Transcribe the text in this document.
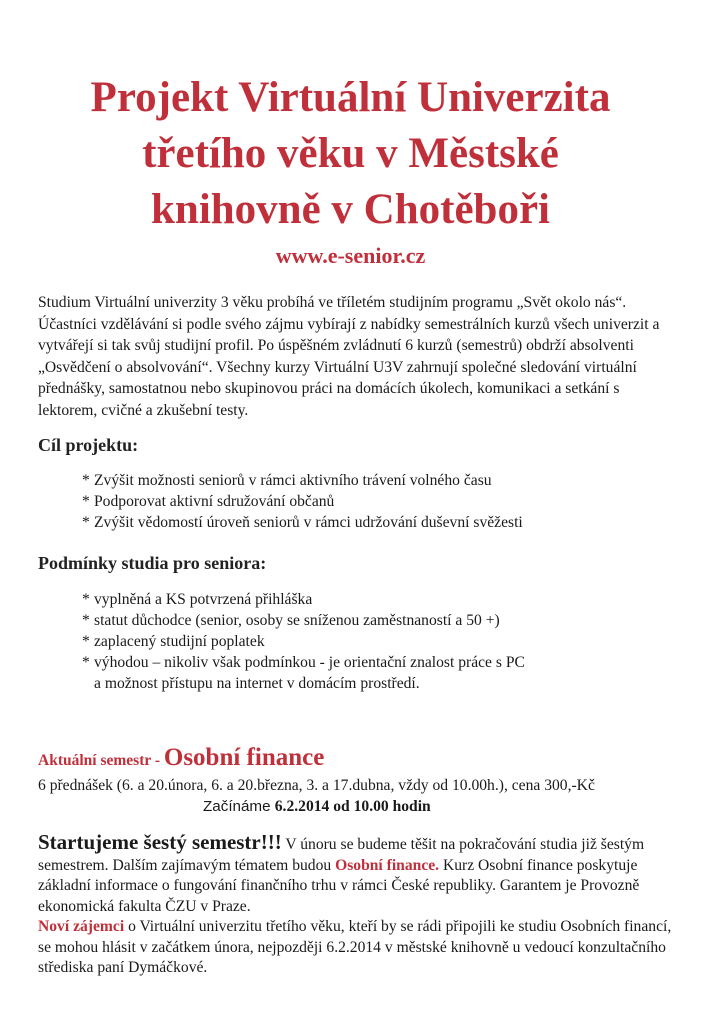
Projekt Virtuální Univerzita
třetího věku v Městské
knihovně v Chotěboři
www.e-senior.cz
Studium Virtuální univerzity 3 věku probíhá ve tříletém studijním programu „Svět okolo nás“. Účastníci vzdělávání si podle svého zájmu vybírají z nabídky semestrálních kurzů všech univerzit a vytvářejí si tak svůj studijní profil. Po úspěšném zvládnutí 6 kurzů (semestrů) obdrží absolventi „Osvědčení o absolvování“. Všechny kurzy Virtuální U3V zahrnují společné sledování virtuální přednášky, samostatnou nebo skupinovou práci na domácích úkolech, komunikaci a setkání s lektorem, cvičné a zkušební testy.
Cíl projektu:
* Zvýšit možnosti seniorů v rámci aktivního trávení volného času
* Podporovat aktivní sdružování občanů
* Zvýšit vědomostí úroveň seniorů v rámci udržování duševní svěžesti
Podmínky studia pro seniora:
* vyplněná a KS potvrzená přihláška
* statut důchodce (senior, osoby se sníženou zaměstnaností a 50 +)
* zaplacený studijní poplatek
* výhodou – nikoliv však podmínkou - je orientační znalost práce s PC
a možnost přístupu na internet v domácím prostředí.
Aktuální semestr - Osobní finance
6 přednášek (6. a 20.února, 6. a 20.března, 3. a 17.dubna, vždy od 10.00h.), cena 300,-Kč
Začínáme 6.2.2014 od 10.00 hodin
Startujeme šestý semestr!!! V únoru se budeme těšit na pokračování studia již šestým semestrem. Dalším zajímavým tématem budou Osobní finance. Kurz Osobní finance poskytuje základní informace o fungování finančního trhu v rámci České republiky. Garantem je Provozně ekonomická fakulta ČZU v Praze.
Noví zájemci o Virtuální univerzitu třetího věku, kteří by se rádi připojili ke studiu Osobních financí, se mohou hlásit v začátkem února, nejpozději 6.2.2014 v městské knihovně u vedoucí konzultačního střediska paní Dymáčkové.
